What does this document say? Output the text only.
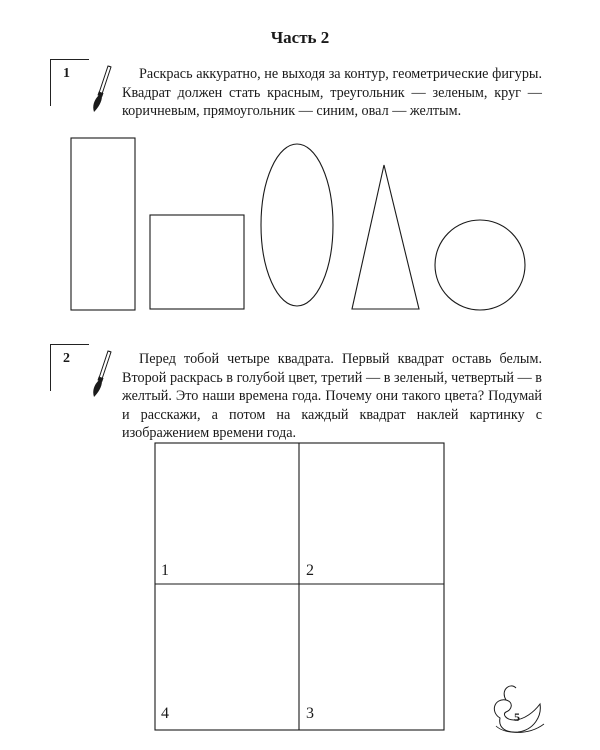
Часть 2
1	Раскрась аккуратно, не выходя за контур, геометрические фигуры. Квадрат должен стать красным, треугольник — зеленым, круг — коричневым, прямоугольник — синим, овал — желтым.

2	Перед тобой четыре квадрата. Первый квадрат оставь белым. Второй раскрась в голубой цвет, третий — в зеленый, четвертый — в желтый. Это наши времена года. Почему они такого цвета? Подумай и расскажи, а потом на каждый квадрат наклей картинку с изображением времени года.

1	2
4	3	5
